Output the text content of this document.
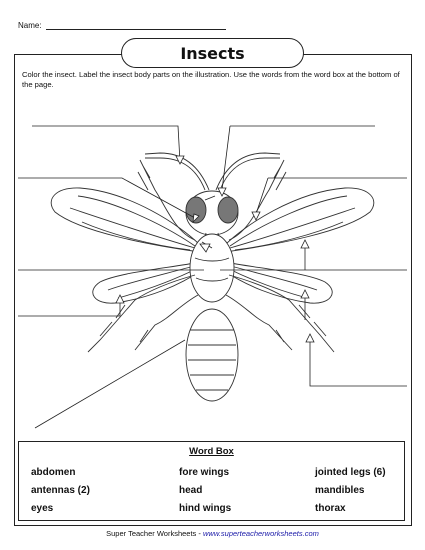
Name:
Insects
Color the insect. Label the insect body parts on the illustration. Use the words from the word box at the bottom of the page.
Word Box
abdomen	fore wings	jointed legs (6)
antennas (2)	head	mandibles
eyes	hind wings	thorax
Super Teacher Worksheets - www.superteacherworksheets.com
